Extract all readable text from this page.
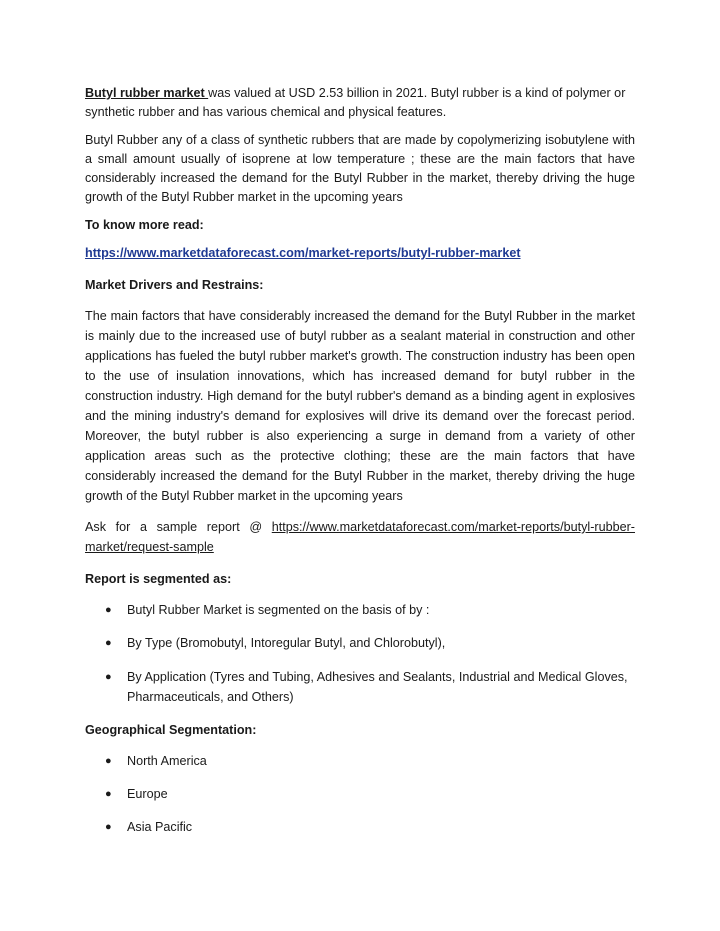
Butyl rubber market was valued at USD 2.53 billion in 2021. Butyl rubber is a kind of polymer or synthetic rubber and has various chemical and physical features.

Butyl Rubber any of a class of synthetic rubbers that are made by copolymerizing isobutylene with a small amount usually of isoprene at low temperature ; these are the main factors that have considerably increased the demand for the Butyl Rubber in the market, thereby driving the huge growth of the Butyl Rubber market in the upcoming years

To know more read:

https://www.marketdataforecast.com/market-reports/butyl-rubber-market

Market Drivers and Restrains:

The main factors that have considerably increased the demand for the Butyl Rubber in the market is mainly due to the increased use of butyl rubber as a sealant material in construction and other applications has fueled the butyl rubber market's growth. The construction industry has been open to the use of insulation innovations, which has increased demand for butyl rubber in the construction industry. High demand for the butyl rubber's demand as a binding agent in explosives and the mining industry's demand for explosives will drive its demand over the forecast period. Moreover, the butyl rubber is also experiencing a surge in demand from a variety of other application areas such as the protective clothing; these are the main factors that have considerably increased the demand for the Butyl Rubber in the market, thereby driving the huge growth of the Butyl Rubber market in the upcoming years

Ask for a sample report @ https://www.marketdataforecast.com/market-reports/butyl-rubber-market/request-sample

Report is segmented as:

● Butyl Rubber Market is segmented on the basis of by :
● By Type (Bromobutyl, Intoregular Butyl, and Chlorobutyl),
● By Application (Tyres and Tubing, Adhesives and Sealants, Industrial and Medical Gloves, Pharmaceuticals, and Others)

Geographical Segmentation:

● North America
● Europe
● Asia Pacific
